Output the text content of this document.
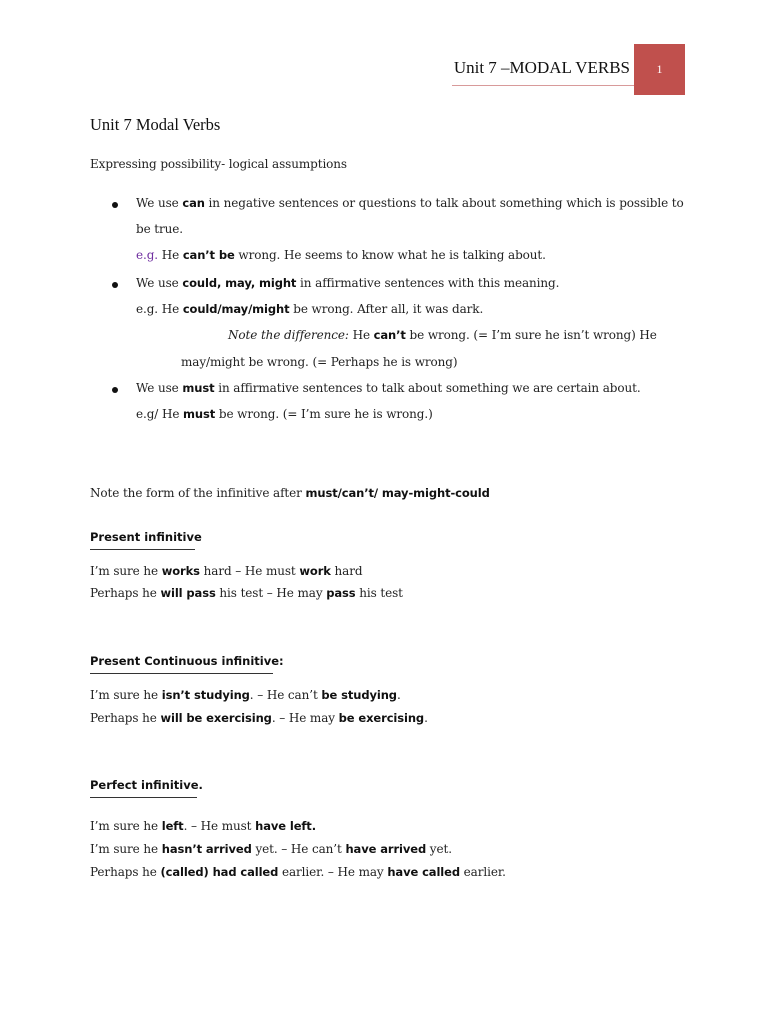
Unit 7 –MODAL VERBS 1
Unit 7 Modal Verbs
Expressing possibility- logical assumptions
We use can in negative sentences or questions to talk about something which is possible to
be true.
e.g. He can’t be wrong. He seems to know what he is talking about.
We use could, may, might in affirmative sentences with this meaning.
e.g. He could/may/might be wrong. After all, it was dark.
Note the difference: He can’t be wrong. (= I’m sure he isn’t wrong) He
may/might be wrong. (= Perhaps he is wrong)
We use must in affirmative sentences to talk about something we are certain about.
e.g/ He must be wrong. (= I’m sure he is wrong.)
Note the form of the infinitive after must/can’t/ may-might-could
Present infinitive
I’m sure he works hard – He must work hard
Perhaps he will pass his test – He may pass his test
Present Continuous infinitive:
I’m sure he isn’t studying. – He can’t be studying.
Perhaps he will be exercising. – He may be exercising.
Perfect infinitive.
I’m sure he left. – He must have left.
I’m sure he hasn’t arrived yet. – He can’t have arrived yet.
Perhaps he (called) had called earlier. – He may have called earlier.
